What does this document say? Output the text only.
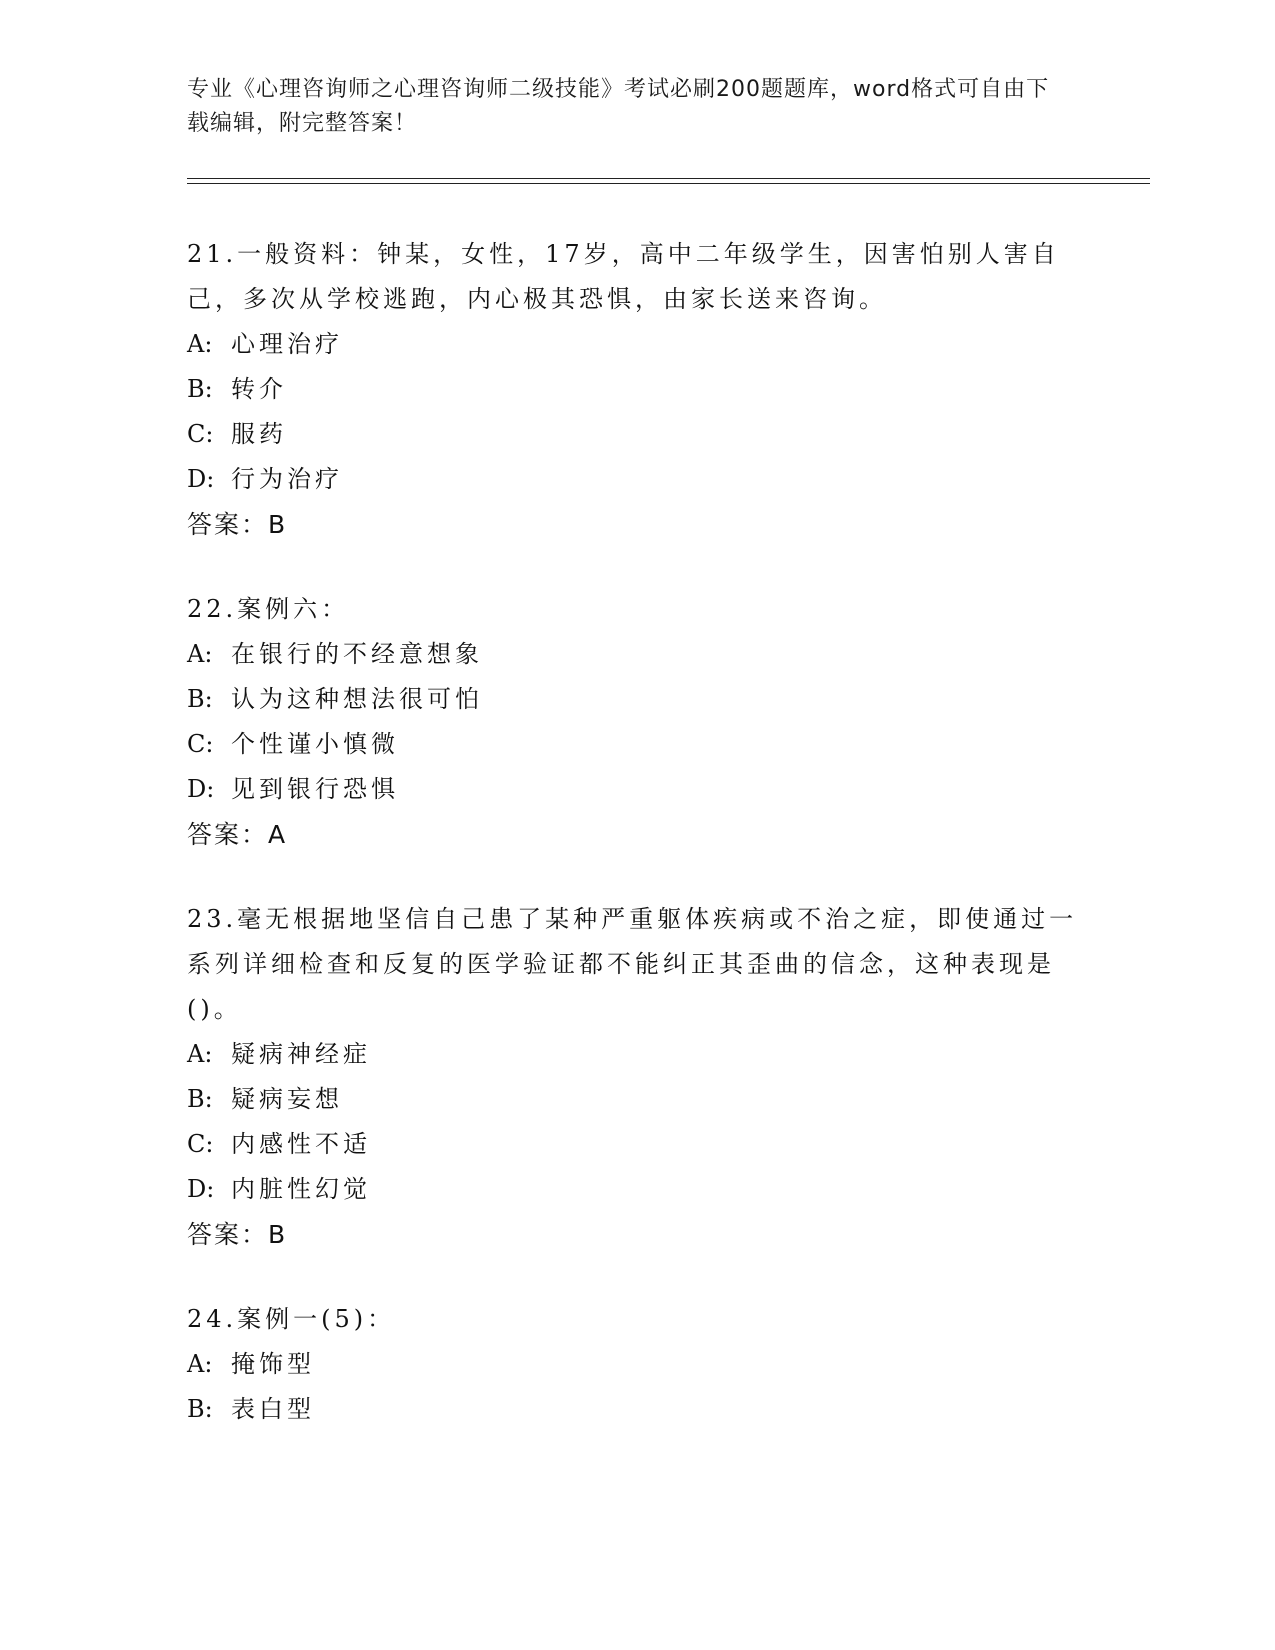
专业《心理咨询师之心理咨询师二级技能》考试必刷200题题库，word格式可自由下载编辑，附完整答案！

21.一般资料：钟某，女性，17岁，高中二年级学生，因害怕别人害自己，多次从学校逃跑，内心极其恐惧，由家长送来咨询。

A: 心理治疗

B: 转介

C: 服药

D: 行为治疗

答案：B

22.案例六：

A: 在银行的不经意想象

B: 认为这种想法很可怕

C: 个性谨小慎微

D: 见到银行恐惧

答案：A

23.毫无根据地坚信自己患了某种严重躯体疾病或不治之症，即使通过一系列详细检查和反复的医学验证都不能纠正其歪曲的信念，这种表现是()。

A: 疑病神经症

B: 疑病妄想

C: 内感性不适

D: 内脏性幻觉

答案：B

24.案例一(5)：

A: 掩饰型

B: 表白型
